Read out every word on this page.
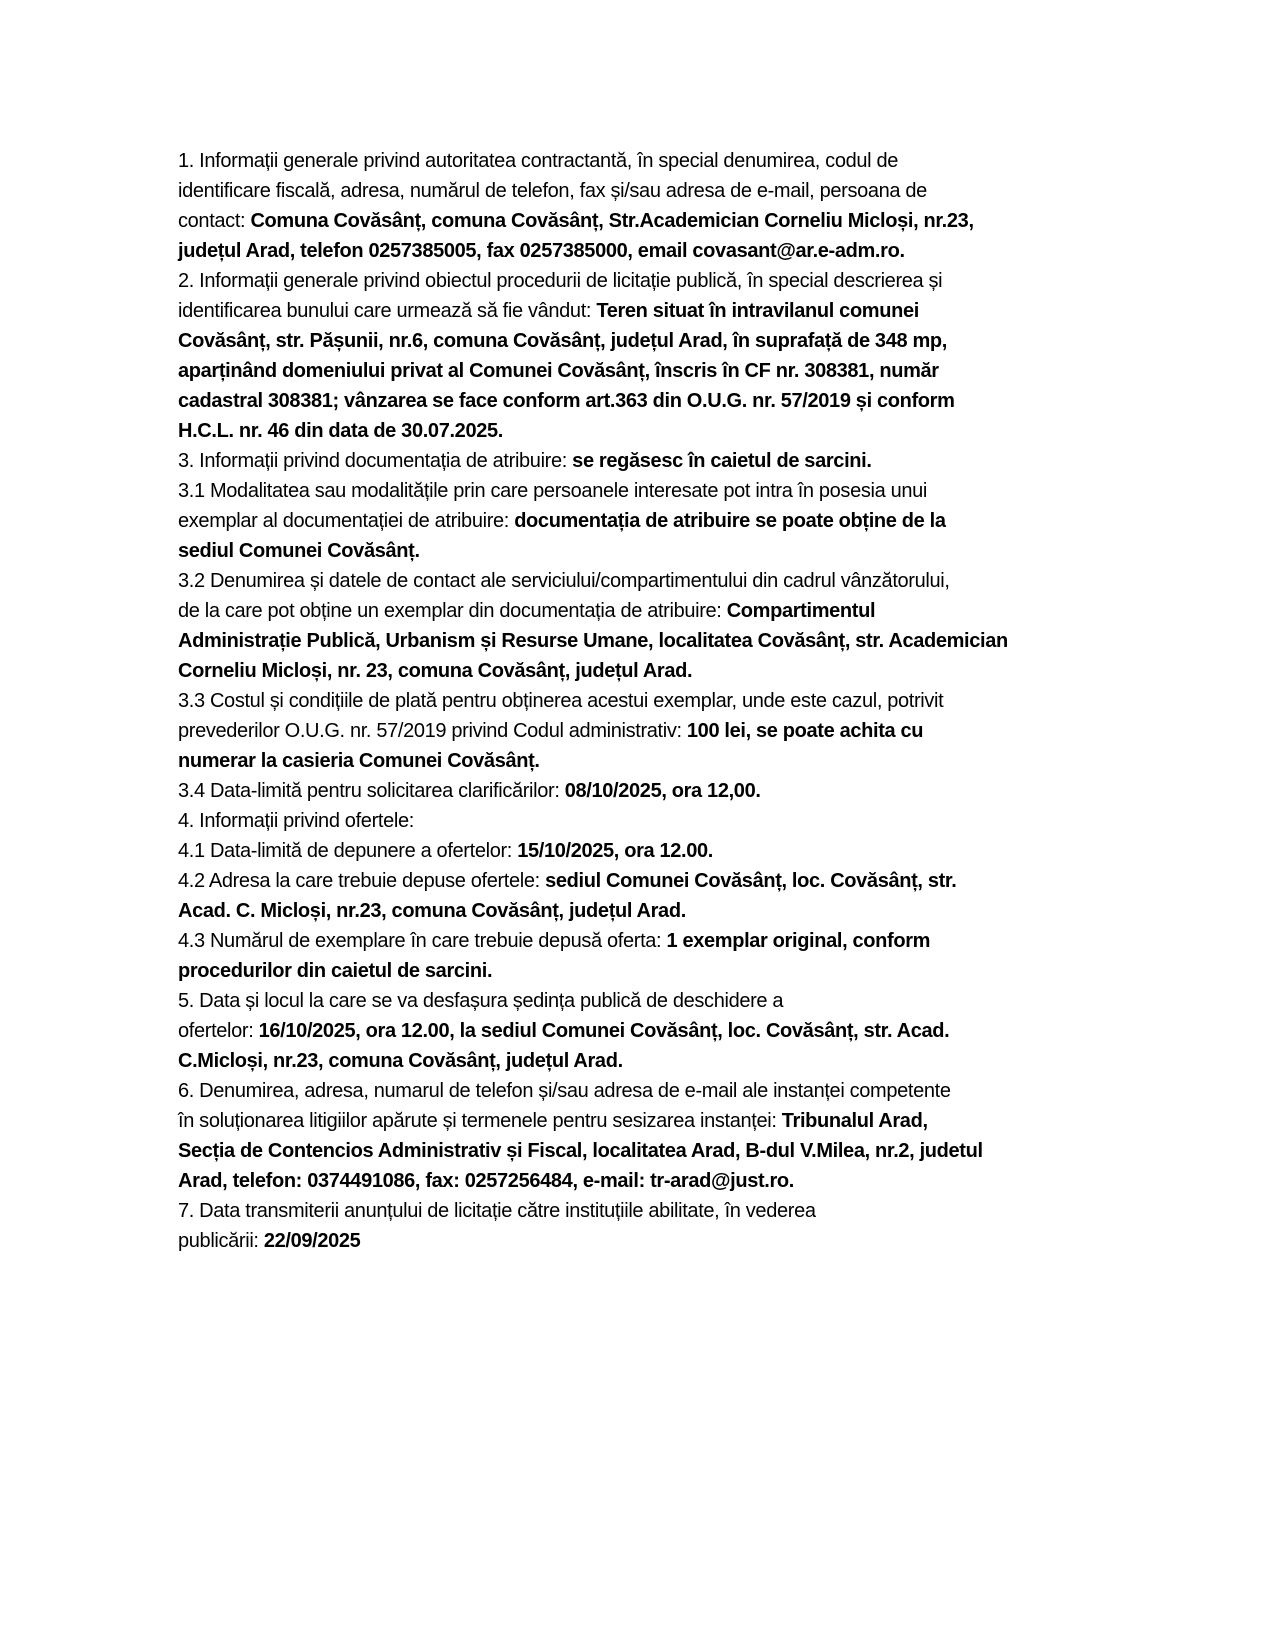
1. Informații generale privind autoritatea contractantă, în special denumirea, codul de
identificare fiscală, adresa, numărul de telefon, fax și/sau adresa de e-mail, persoana de
contact: Comuna Covăsânț, comuna Covăsânț, Str.Academician Corneliu Micloși, nr.23,
județul Arad, telefon 0257385005, fax 0257385000, email covasant@ar.e-adm.ro.
2. Informații generale privind obiectul procedurii de licitație publică, în special descrierea și
identificarea bunului care urmează să fie vândut: Teren situat în intravilanul comunei
Covăsânț, str. Pășunii, nr.6, comuna Covăsânț, județul Arad, în suprafață de 348 mp,
aparținând domeniului privat al Comunei Covăsânț, înscris în CF nr. 308381, număr
cadastral 308381; vânzarea se face conform art.363 din O.U.G. nr. 57/2019 și conform
H.C.L. nr. 46 din data de 30.07.2025.
3. Informații privind documentația de atribuire: se regăsesc în caietul de sarcini.
3.1 Modalitatea sau modalitățile prin care persoanele interesate pot intra în posesia unui
exemplar al documentației de atribuire: documentația de atribuire se poate obține de la
sediul Comunei Covăsânț.
3.2 Denumirea și datele de contact ale serviciului/compartimentului din cadrul vânzătorului,
de la care pot obține un exemplar din documentația de atribuire: Compartimentul
Administrație Publică, Urbanism și Resurse Umane, localitatea Covăsânț, str. Academician
Corneliu Micloși, nr. 23, comuna Covăsânț, județul Arad.
3.3 Costul și condițiile de plată pentru obținerea acestui exemplar, unde este cazul, potrivit
prevederilor O.U.G. nr. 57/2019 privind Codul administrativ: 100 lei, se poate achita cu
numerar la casieria Comunei Covăsânț.
3.4 Data-limită pentru solicitarea clarificărilor: 08/10/2025, ora 12,00.
4. Informații privind ofertele:
4.1 Data-limită de depunere a ofertelor: 15/10/2025, ora 12.00.
4.2 Adresa la care trebuie depuse ofertele: sediul Comunei Covăsânț, loc. Covăsânț, str.
Acad. C. Micloși, nr.23, comuna Covăsânț, județul Arad.
4.3 Numărul de exemplare în care trebuie depusă oferta: 1 exemplar original, conform
procedurilor din caietul de sarcini.
5. Data și locul la care se va desfașura ședința publică de deschidere a
ofertelor: 16/10/2025, ora 12.00, la sediul Comunei Covăsânț, loc. Covăsânț, str. Acad.
C.Micloși, nr.23, comuna Covăsânț, județul Arad.
6. Denumirea, adresa, numarul de telefon și/sau adresa de e-mail ale instanței competente
în soluționarea litigiilor apărute și termenele pentru sesizarea instanței: Tribunalul Arad,
Secția de Contencios Administrativ și Fiscal, localitatea Arad, B-dul V.Milea, nr.2, judetul
Arad, telefon: 0374491086, fax: 0257256484, e-mail: tr-arad@just.ro.
7. Data transmiterii anunțului de licitație către instituțiile abilitate, în vederea
publicării: 22/09/2025
